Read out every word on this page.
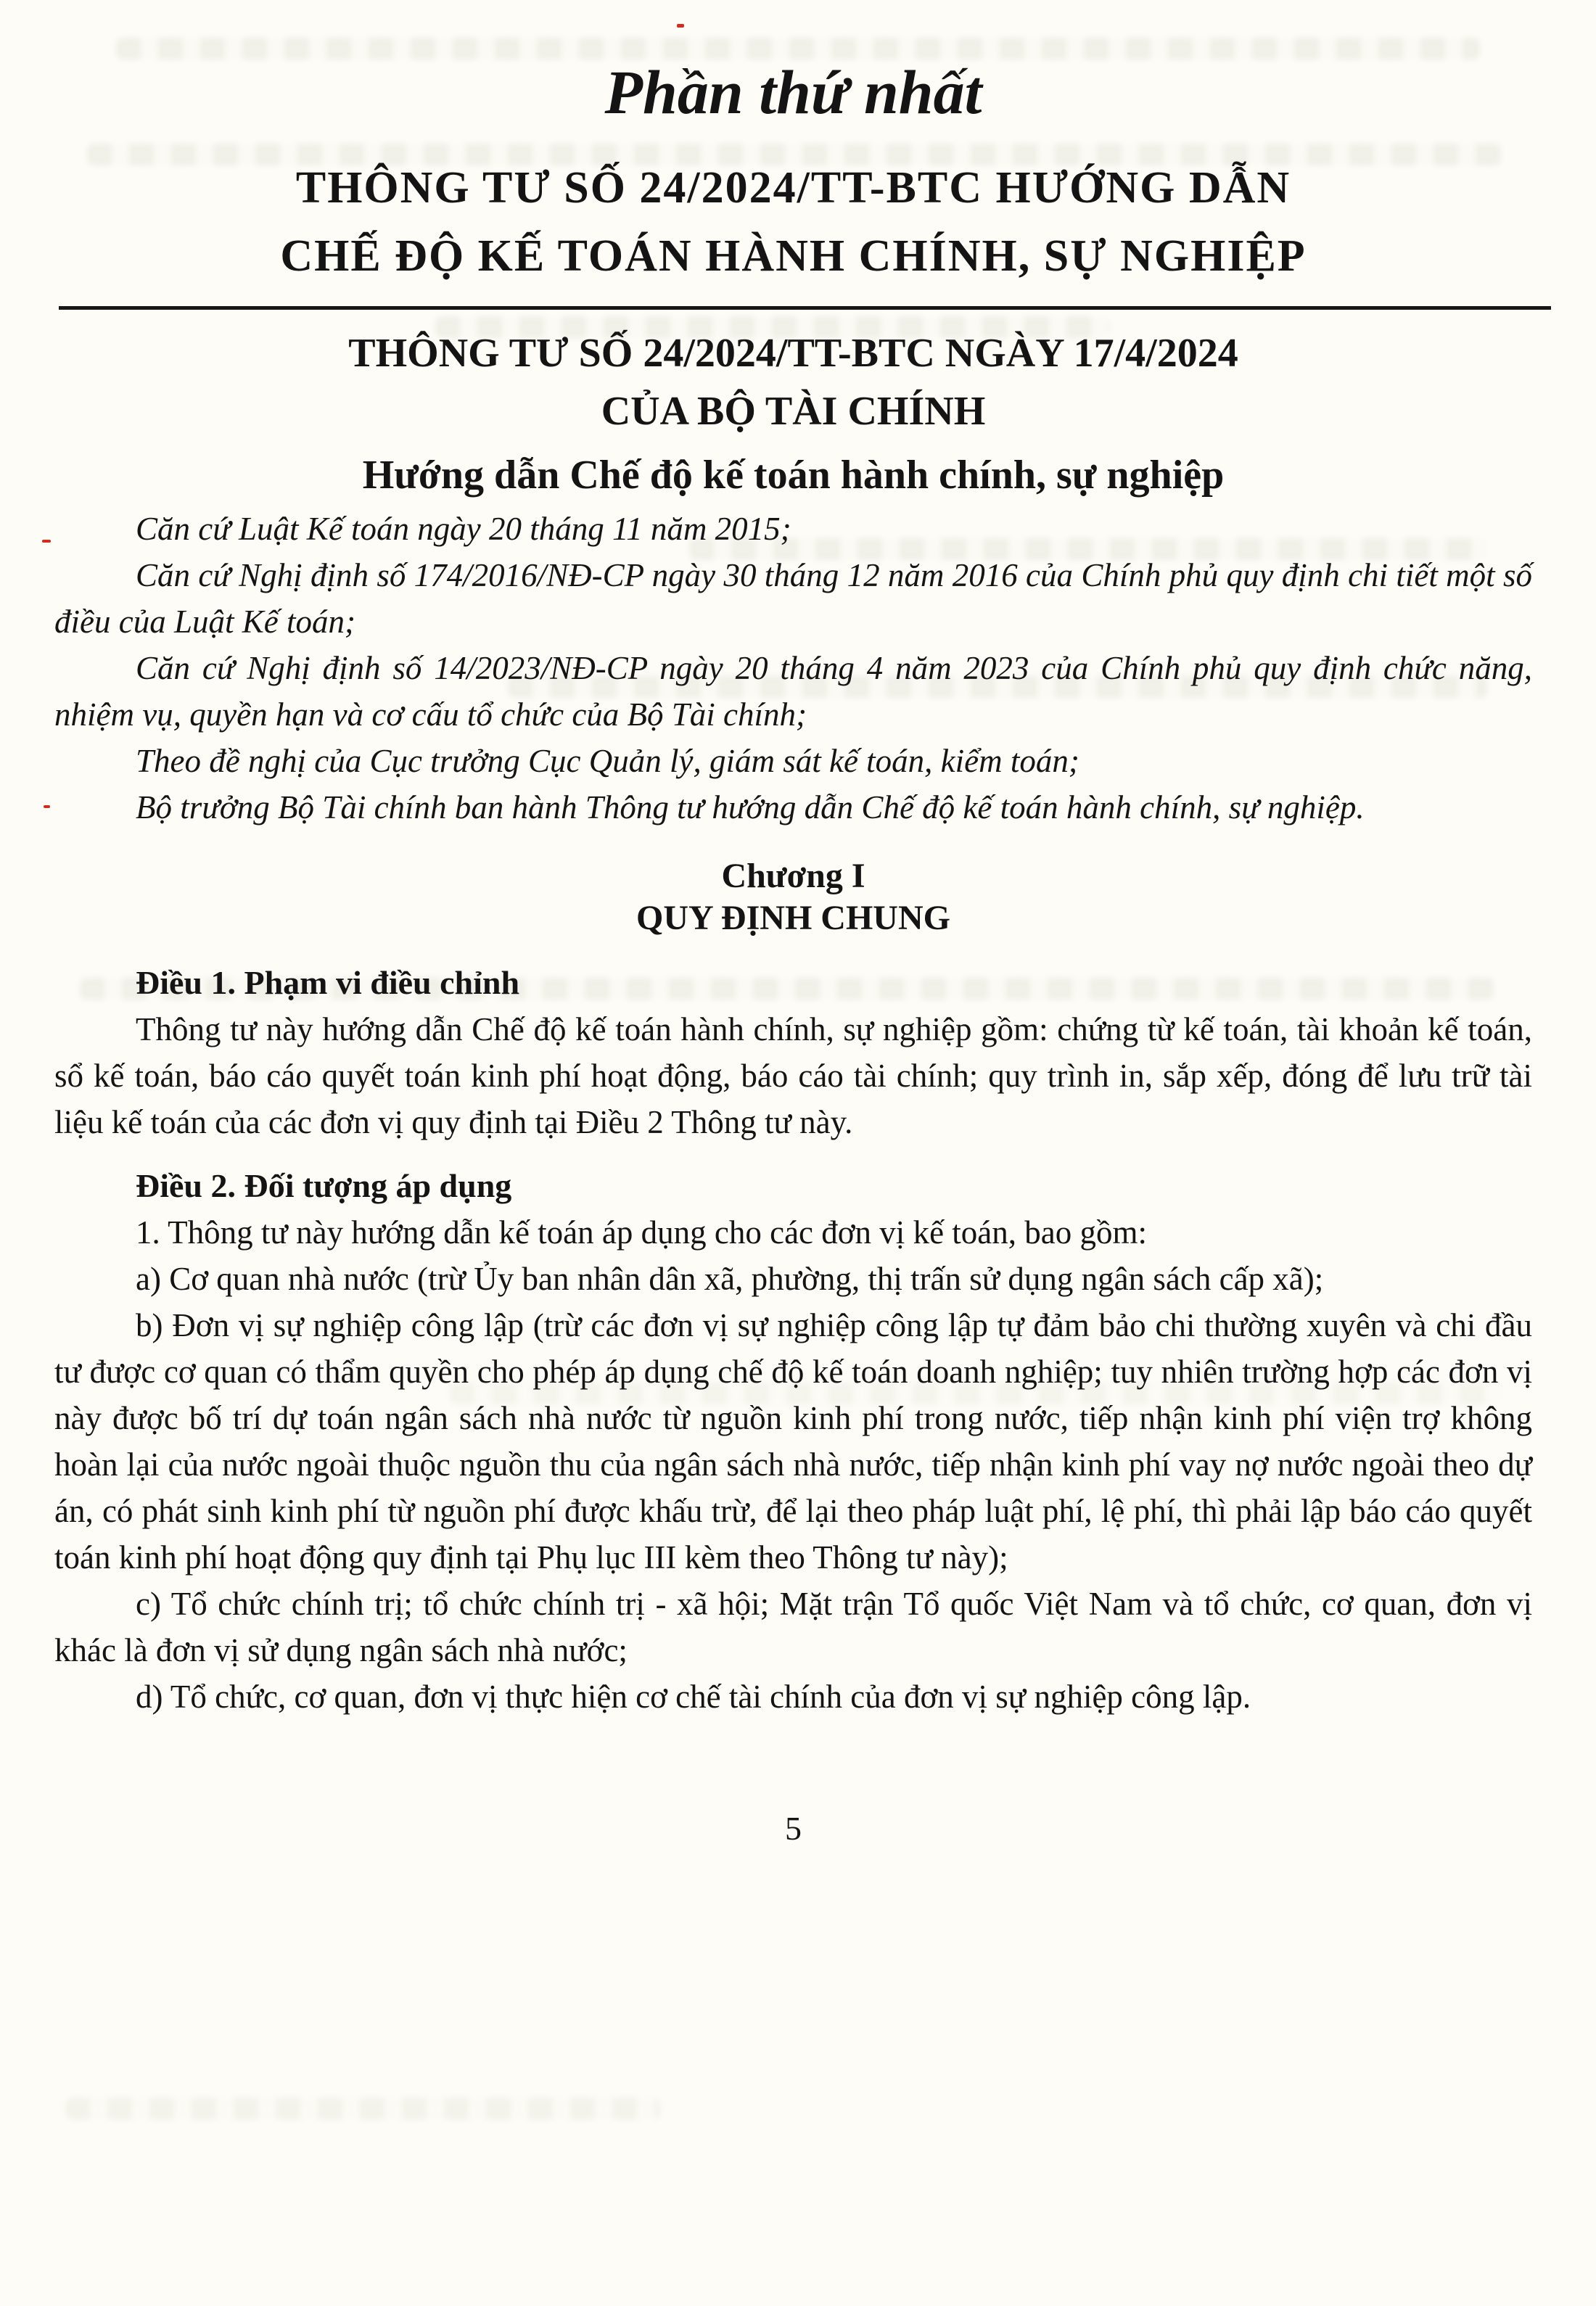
Phần thứ nhất
THÔNG TƯ SỐ 24/2024/TT-BTC HƯỚNG DẪN
CHẾ ĐỘ KẾ TOÁN HÀNH CHÍNH, SỰ NGHIỆP
THÔNG TƯ SỐ 24/2024/TT-BTC NGÀY 17/4/2024
CỦA BỘ TÀI CHÍNH
Hướng dẫn Chế độ kế toán hành chính, sự nghiệp

Căn cứ Luật Kế toán ngày 20 tháng 11 năm 2015;

Căn cứ Nghị định số 174/2016/NĐ-CP ngày 30 tháng 12 năm 2016 của Chính phủ quy định chi tiết một số điều của Luật Kế toán;

Căn cứ Nghị định số 14/2023/NĐ-CP ngày 20 tháng 4 năm 2023 của Chính phủ quy định chức năng, nhiệm vụ, quyền hạn và cơ cấu tổ chức của Bộ Tài chính;

Theo đề nghị của Cục trưởng Cục Quản lý, giám sát kế toán, kiểm toán;

Bộ trưởng Bộ Tài chính ban hành Thông tư hướng dẫn Chế độ kế toán hành chính, sự nghiệp.

Chương I
QUY ĐỊNH CHUNG
Điều 1. Phạm vi điều chỉnh

Thông tư này hướng dẫn Chế độ kế toán hành chính, sự nghiệp gồm: chứng từ kế toán, tài khoản kế toán, sổ kế toán, báo cáo quyết toán kinh phí hoạt động, báo cáo tài chính; quy trình in, sắp xếp, đóng để lưu trữ tài liệu kế toán của các đơn vị quy định tại Điều 2 Thông tư này.

Điều 2. Đối tượng áp dụng

1. Thông tư này hướng dẫn kế toán áp dụng cho các đơn vị kế toán, bao gồm:

a) Cơ quan nhà nước (trừ Ủy ban nhân dân xã, phường, thị trấn sử dụng ngân sách cấp xã);

b) Đơn vị sự nghiệp công lập (trừ các đơn vị sự nghiệp công lập tự đảm bảo chi thường xuyên và chi đầu tư được cơ quan có thẩm quyền cho phép áp dụng chế độ kế toán doanh nghiệp; tuy nhiên trường hợp các đơn vị này được bố trí dự toán ngân sách nhà nước từ nguồn kinh phí trong nước, tiếp nhận kinh phí viện trợ không hoàn lại của nước ngoài thuộc nguồn thu của ngân sách nhà nước, tiếp nhận kinh phí vay nợ nước ngoài theo dự án, có phát sinh kinh phí từ nguồn phí được khấu trừ, để lại theo pháp luật phí, lệ phí, thì phải lập báo cáo quyết toán kinh phí hoạt động quy định tại Phụ lục III kèm theo Thông tư này);

c) Tổ chức chính trị; tổ chức chính trị - xã hội; Mặt trận Tổ quốc Việt Nam và tổ chức, cơ quan, đơn vị khác là đơn vị sử dụng ngân sách nhà nước;

d) Tổ chức, cơ quan, đơn vị thực hiện cơ chế tài chính của đơn vị sự nghiệp công lập.

5
